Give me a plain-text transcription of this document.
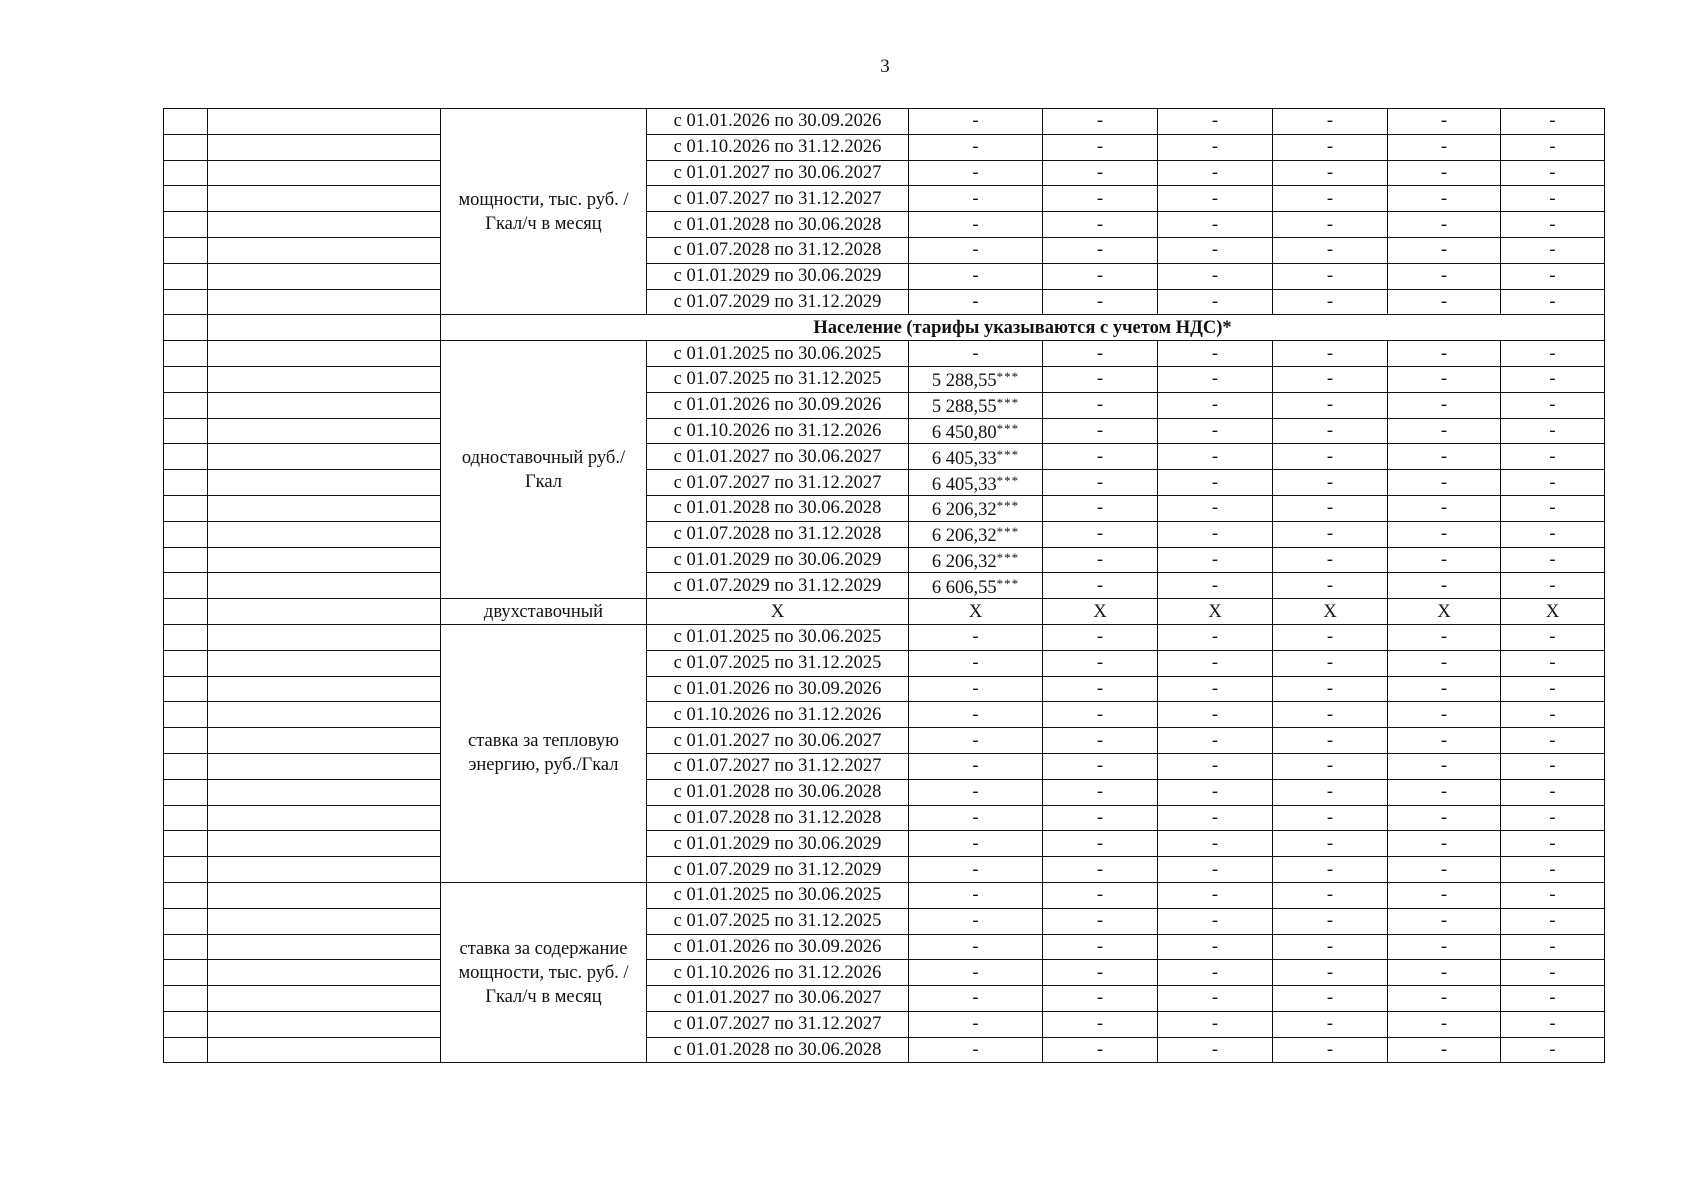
3
		мощности, тыс. руб. /Гкал/ч в месяц	с 01.01.2026 по 30.09.2026	-	-	-	-	-	-
			с 01.10.2026 по 31.12.2026	-	-	-	-	-	-
			с 01.01.2027 по 30.06.2027	-	-	-	-	-	-
			с 01.07.2027 по 31.12.2027	-	-	-	-	-	-
			с 01.01.2028 по 30.06.2028	-	-	-	-	-	-
			с 01.07.2028 по 31.12.2028	-	-	-	-	-	-
			с 01.01.2029 по 30.06.2029	-	-	-	-	-	-
			с 01.07.2029 по 31.12.2029	-	-	-	-	-	-
		Население (тарифы указываются с учетом НДС)*							
		одноставочный руб./Гкал	с 01.01.2025 по 30.06.2025	-	-	-	-	-	-
			с 01.07.2025 по 31.12.2025	5 288,55***	-	-	-	-	-
			с 01.01.2026 по 30.09.2026	5 288,55***	-	-	-	-	-
			с 01.10.2026 по 31.12.2026	6 450,80***	-	-	-	-	-
			с 01.01.2027 по 30.06.2027	6 405,33***	-	-	-	-	-
			с 01.07.2027 по 31.12.2027	6 405,33***	-	-	-	-	-
			с 01.01.2028 по 30.06.2028	6 206,32***	-	-	-	-	-
			с 01.07.2028 по 31.12.2028	6 206,32***	-	-	-	-	-
			с 01.01.2029 по 30.06.2029	6 206,32***	-	-	-	-	-
			с 01.07.2029 по 31.12.2029	6 606,55***	-	-	-	-	-
		двухставочный	X	X	X	X	X	X	X
		ставка за тепловую энергию, руб./Гкал	с 01.01.2025 по 30.06.2025	-	-	-	-	-	-
			с 01.07.2025 по 31.12.2025	-	-	-	-	-	-
			с 01.01.2026 по 30.09.2026	-	-	-	-	-	-
			с 01.10.2026 по 31.12.2026	-	-	-	-	-	-
			с 01.01.2027 по 30.06.2027	-	-	-	-	-	-
			с 01.07.2027 по 31.12.2027	-	-	-	-	-	-
			с 01.01.2028 по 30.06.2028	-	-	-	-	-	-
			с 01.07.2028 по 31.12.2028	-	-	-	-	-	-
			с 01.01.2029 по 30.06.2029	-	-	-	-	-	-
			с 01.07.2029 по 31.12.2029	-	-	-	-	-	-
		ставка за содержание мощности, тыс. руб. /Гкал/ч в месяц	с 01.01.2025 по 30.06.2025	-	-	-	-	-	-
			с 01.07.2025 по 31.12.2025	-	-	-	-	-	-
			с 01.01.2026 по 30.09.2026	-	-	-	-	-	-
			с 01.10.2026 по 31.12.2026	-	-	-	-	-	-
			с 01.01.2027 по 30.06.2027	-	-	-	-	-	-
			с 01.07.2027 по 31.12.2027	-	-	-	-	-	-
			с 01.01.2028 по 30.06.2028	-	-	-	-	-	-
